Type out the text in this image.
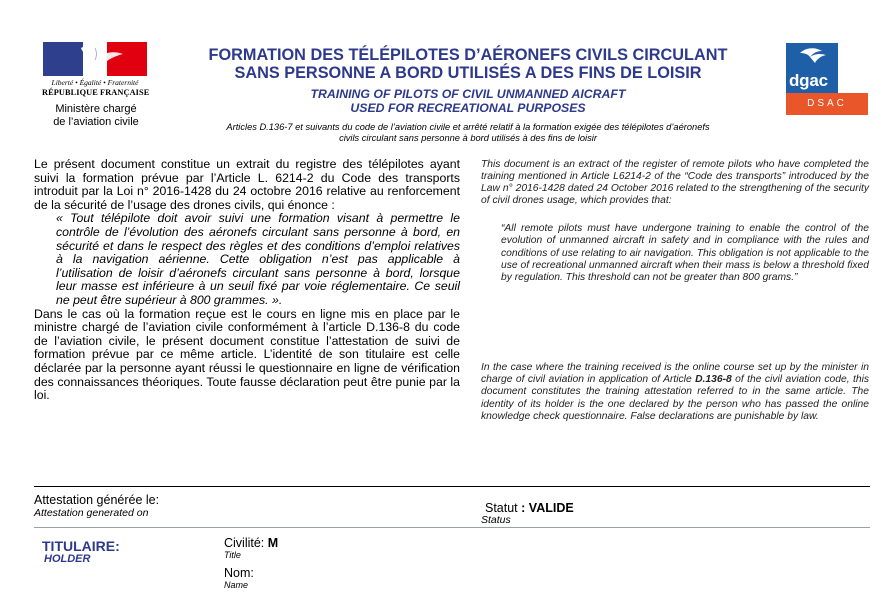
Liberté • Égalité • Fraternité
RÉPUBLIQUE FRANÇAISE
Ministère chargé
de l’aviation civile
dgac
DSAC
FORMATION DES TÉLÉPILOTES D’AÉRONEFS CIVILS CIRCULANT
SANS PERSONNE A BORD UTILISÉS A DES FINS DE LOISIR
TRAINING OF PILOTS OF CIVIL UNMANNED AICRAFT
USED FOR RECREATIONAL PURPOSES
Articles D.136-7 et suivants du code de l’aviation civile et arrêté relatif à la formation exigée des télépilotes d’aéronefs
civils circulant sans personne à bord utilisés à des fins de loisir

Le présent document constitue un extrait du registre des télépilotes ayant suivi la formation prévue par l’Article L. 6214-2 du Code des transports introduit par la Loi n° 2016-1428 du 24 octobre 2016 relative au renforcement de la sécurité de l’usage des drones civils, qui énonce :

« Tout télépilote doit avoir suivi une formation visant à permettre le contrôle de l’évolution des aéronefs circulant sans personne à bord, en sécurité et dans le respect des règles et des conditions d’emploi relatives à la navigation aérienne. Cette obligation n’est pas applicable à l’utilisation de loisir d’aéronefs circulant sans personne à bord, lorsque leur masse est inférieure à un seuil fixé par voie réglementaire. Ce seuil ne peut être supérieur à 800 grammes. ».

Dans le cas où la formation reçue est le cours en ligne mis en place par le ministre chargé de l’aviation civile conformément à l’article D.136-8 du code de l’aviation civile, le présent document constitue l’attestation de suivi de formation prévue par ce même article. L’identité de son titulaire est celle déclarée par la personne ayant réussi le questionnaire en ligne de vérification des connaissances théoriques. Toute fausse déclaration peut être punie par la loi.

This document is an extract of the register of remote pilots who have completed the training mentioned in Article L6214-2 of the “Code des transports” introduced by the Law n° 2016-1428 dated 24 October 2016 related to the strengthening of the security of civil drones usage, which provides that:

“All remote pilots must have undergone training to enable the control of the evolution of unmanned aircraft in safety and in compliance with the rules and conditions of use relating to air navigation. This obligation is not applicable to the use of recreational unmanned aircraft when their mass is below a threshold fixed by regulation. This threshold can not be greater than 800 grams.”

In the case where the training received is the online course set up by the minister in charge of civil aviation in application of Article D.136-8 of the civil aviation code, this document constitutes the training attestation referred to in the same article. The identity of its holder is the one declared by the person who has passed the online knowledge check questionnaire. False declarations are punishable by law.

Attestation générée le:
Attestation generated on	Statut : VALIDE
Status
TITULAIRE:
HOLDER
Civilité: M
Title
Nom:
Name
